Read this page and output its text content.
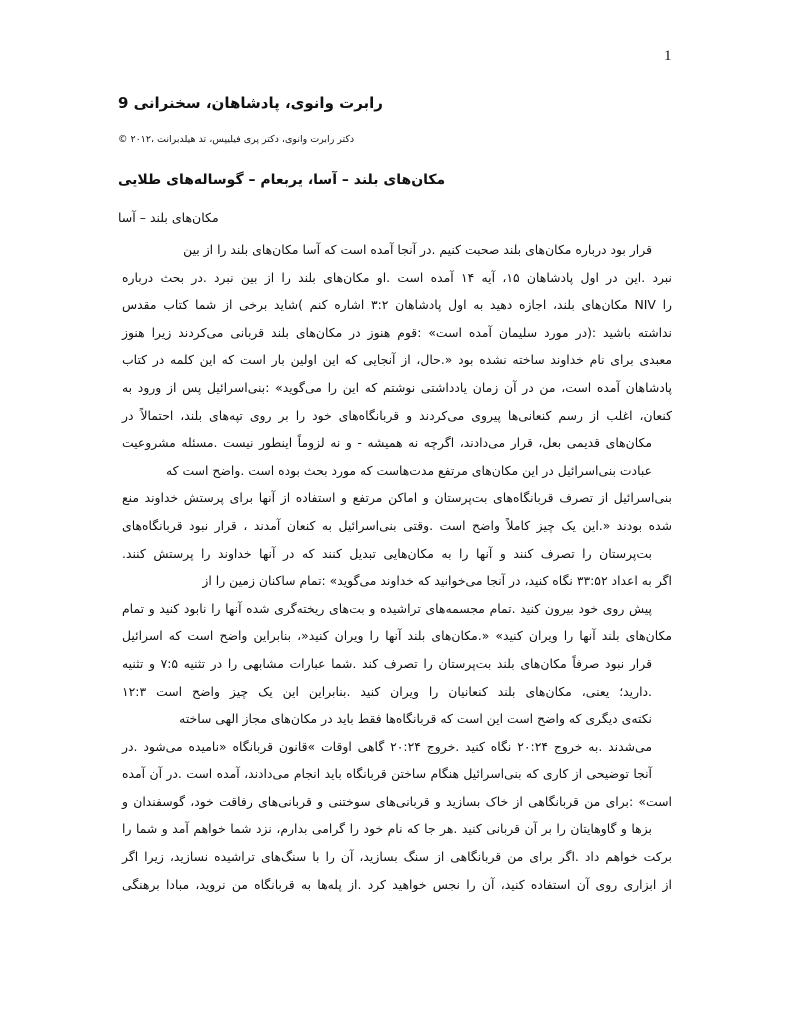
1
رابرت وانوی، پادشاهان، سخنرانی 9
دکتر رابرت وانوی، دکتر پری فیلیپس، تد هیلدبرانت ،۲۰۱۲ ©
مکان‌های بلند – آسا، یربعام – گوساله‌های طلایی
مکان‌های بلند – آسا
قرار بود درباره مکان‌های بلند صحبت کنیم .در آنجا آمده است که آسا مکان‌های بلند را از بین
نبرد .این در اول پادشاهان ۱۵، آیه ۱۴ آمده است .او مکان‌های بلند را از بین نبرد .در بحث درباره
را NIV مکان‌های بلند، اجازه دهید به اول پادشاهان ۳:۲ اشاره کنم )شاید برخی از شما کتاب مقدس
نداشته باشید :(در مورد سلیمان آمده است» :قوم هنوز در مکان‌های بلند قربانی می‌کردند زیرا هنوز
معبدی برای نام خداوند ساخته نشده بود «.حال، از آنجایی که این اولین بار است که این کلمه در کتاب
پادشاهان آمده است، من در آن زمان یادداشتی نوشتم که این را می‌گوید» :بنی‌اسرائیل پس از ورود به
کنعان، اغلب از رسم کنعانی‌ها پیروی می‌کردند و قربانگاه‌های خود را بر روی تپه‌های بلند، احتمالاً در
مکان‌های قدیمی بعل، قرار می‌دادند، اگرچه نه همیشه - و نه لزوماً اینطور نیست .مسئله مشروعیت
عبادت بنی‌اسرائیل در این مکان‌های مرتفع مدت‌هاست که مورد بحث بوده است .واضح است که
بنی‌اسرائیل از تصرف قربانگاه‌های بت‌پرستان و اماکن مرتفع و استفاده از آنها برای پرستش خداوند منع
شده بودند «.این یک چیز کاملاً واضح است .وقتی بنی‌اسرائیل به کنعان آمدند ، قرار نبود قربانگاه‌های
بت‌پرستان را تصرف کنند و آنها را به مکان‌هایی تبدیل کنند که در آنها خداوند را پرستش کنند.
اگر به اعداد ۳۳:۵۲ نگاه کنید، در آنجا می‌خوانید که خداوند می‌گوید» :تمام ساکنان زمین را از
پیش روی خود بیرون کنید .تمام مجسمه‌های تراشیده و بت‌های ریخته‌گری شده آنها را نابود کنید و تمام
مکان‌های بلند آنها را ویران کنید» «.مکان‌های بلند آنها را ویران کنید«، بنابراین واضح است که اسرائیل
قرار نبود صرفاً مکان‌های بلند بت‌پرستان را تصرف کند .شما عبارات مشابهی را در تثنیه ۷:۵ و تثنیه
.دارید؛ یعنی، مکان‌های بلند کنعانیان را ویران کنید .بنابراین این یک چیز واضح است ۱۲:۳
نکته‌ی دیگری که واضح است این است که قربانگاه‌ها فقط باید در مکان‌های مجاز الهی ساخته
می‌شدند .به خروج ۲۰:۲۴ نگاه کنید .خروج ۲۰:۲۴ گاهی اوقات »قانون قربانگاه «نامیده می‌شود .در
آنجا توضیحی از کاری که بنی‌اسرائیل هنگام ساختن قربانگاه باید انجام می‌دادند، آمده است .در آن آمده
است» :برای من قربانگاهی از خاک بسازید و قربانی‌های سوختنی و قربانی‌های رفاقت خود، گوسفندان و
بزها و گاوهایتان را بر آن قربانی کنید .هر جا که نام خود را گرامی بدارم، نزد شما خواهم آمد و شما را
برکت خواهم داد .اگر برای من قربانگاهی از سنگ بسازید، آن را با سنگ‌های تراشیده نسازید، زیرا اگر
از ابزاری روی آن استفاده کنید، آن را نجس خواهید کرد .از پله‌ها به قربانگاه من نروید، مبادا برهنگی
